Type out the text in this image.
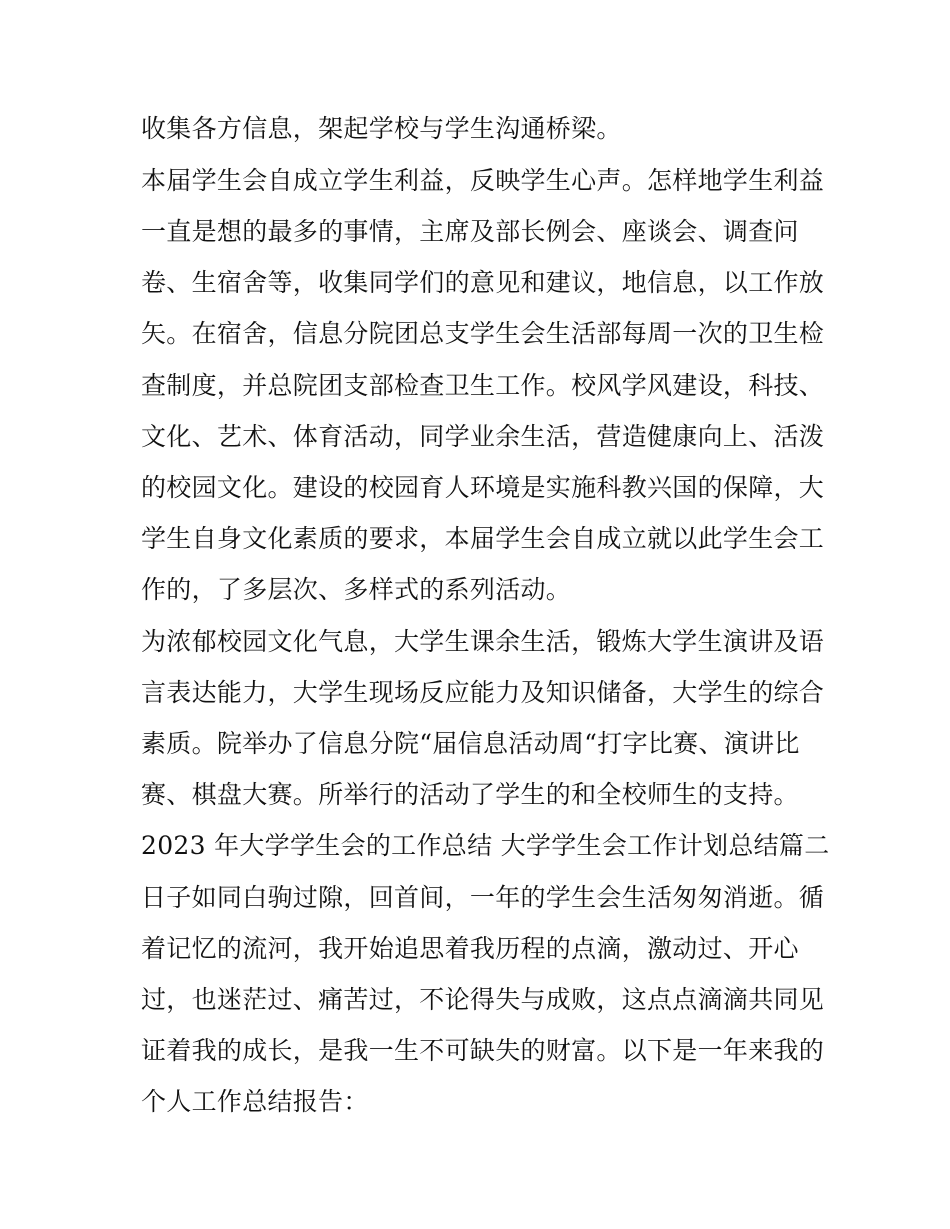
收集各方信息，架起学校与学生沟通桥梁。
本届学生会自成立学生利益，反映学生心声。怎样地学生利益
一直是想的最多的事情，主席及部长例会、座谈会、调查问
卷、生宿舍等，收集同学们的意见和建议，地信息，以工作放
矢。在宿舍，信息分院团总支学生会生活部每周一次的卫生检
查制度，并总院团支部检查卫生工作。校风学风建设，科技、
文化、艺术、体育活动，同学业余生活，营造健康向上、活泼
的校园文化。建设的校园育人环境是实施科教兴国的保障，大
学生自身文化素质的要求，本届学生会自成立就以此学生会工
作的，了多层次、多样式的系列活动。
为浓郁校园文化气息，大学生课余生活，锻炼大学生演讲及语
言表达能力，大学生现场反应能力及知识储备，大学生的综合
素质。院举办了信息分院“届信息活动周“打字比赛、演讲比
赛、棋盘大赛。所举行的活动了学生的和全校师生的支持。
2023 年大学学生会的工作总结 大学学生会工作计划总结篇二
日子如同白驹过隙，回首间，一年的学生会生活匆匆消逝。循
着记忆的流河，我开始追思着我历程的点滴，激动过、开心
过，也迷茫过、痛苦过，不论得失与成败，这点点滴滴共同见
证着我的成长，是我一生不可缺失的财富。以下是一年来我的
个人工作总结报告：
